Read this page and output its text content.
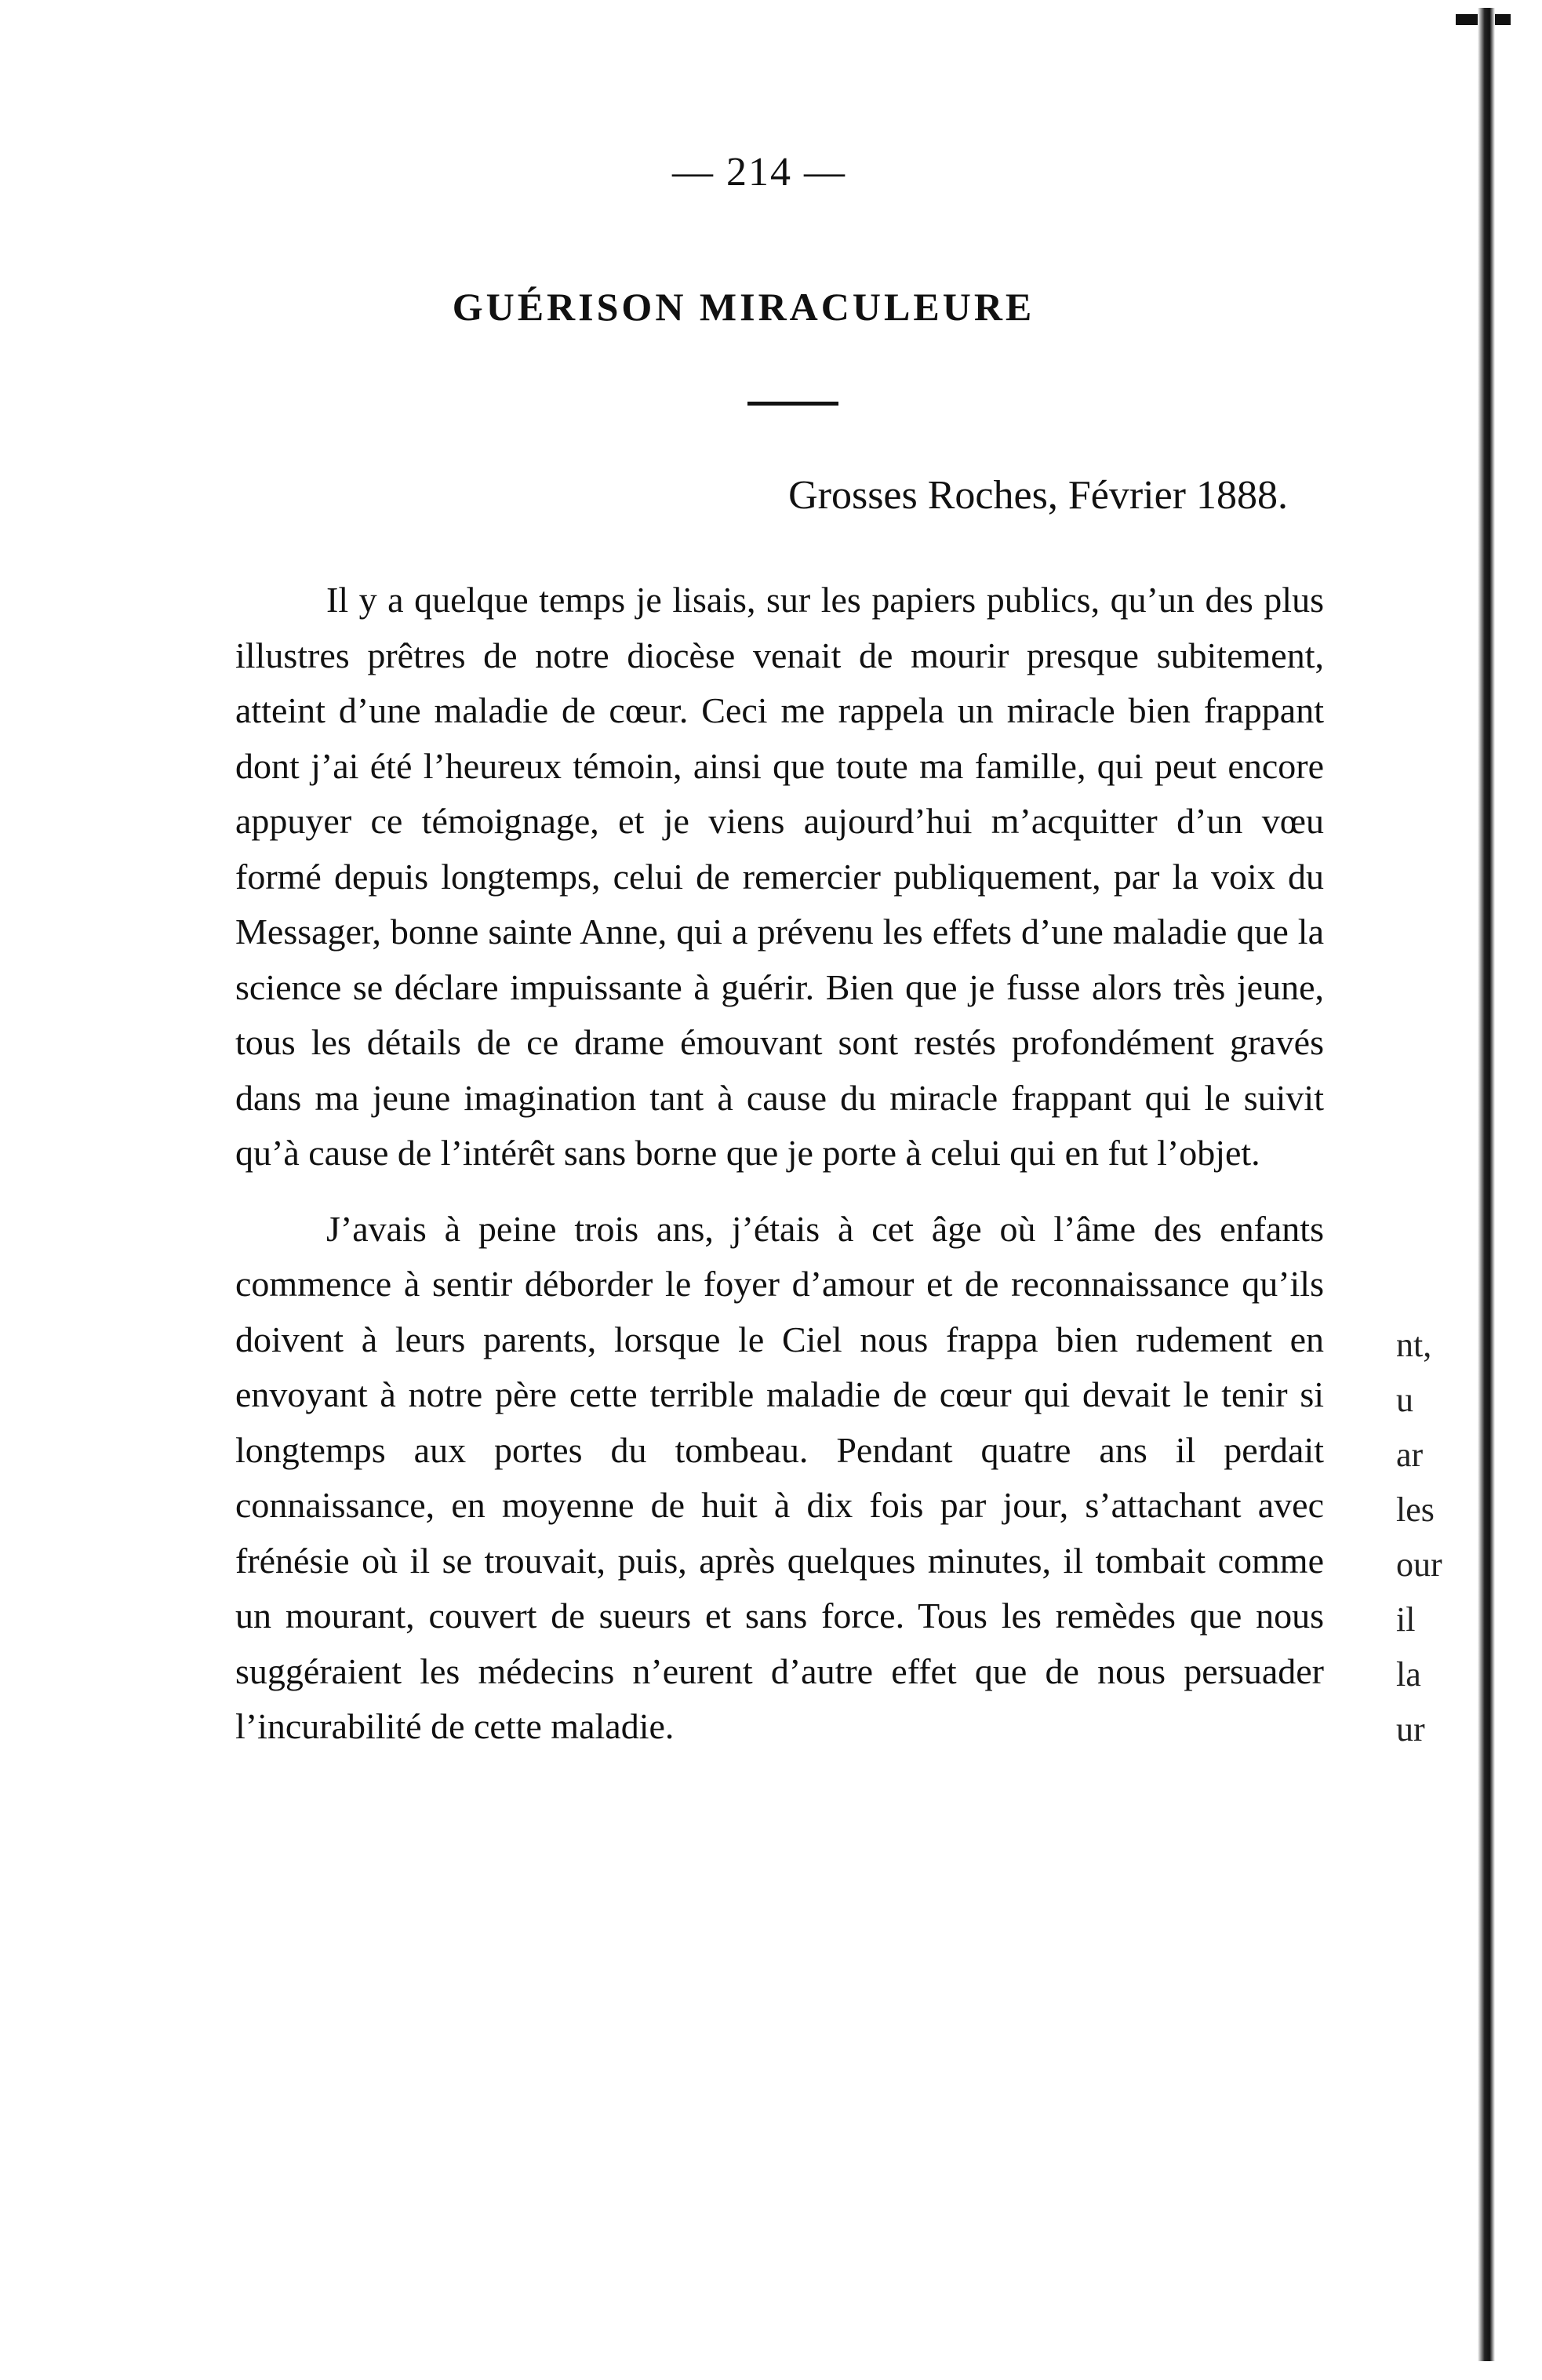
— 214 —
GUÉRISON MIRACULEURE
Grosses Roches, Février 1888.

Il y a quelque temps je lisais, sur les papiers publics, qu’un des plus illustres prêtres de notre diocèse venait de mourir presque subitement, atteint d’une maladie de cœur. Ceci me rappela un miracle bien frappant dont j’ai été l’heureux témoin, ainsi que toute ma famille, qui peut encore appuyer ce témoignage, et je viens aujourd’hui m’acquitter d’un vœu formé depuis longtemps, celui de remercier publiquement, par la voix du Messager, bonne sainte Anne, qui a prévenu les effets d’une maladie que la science se déclare impuissante à guérir. Bien que je fusse alors très jeune, tous les détails de ce drame émouvant sont restés profondément gravés dans ma jeune imagination tant à cause du miracle frappant qui le suivit qu’à cause de l’intérêt sans borne que je porte à celui qui en fut l’objet.

J’avais à peine trois ans, j’étais à cet âge où l’âme des enfants commence à sentir déborder le foyer d’amour et de reconnaissance qu’ils doivent à leurs parents, lorsque le Ciel nous frappa bien rudement en envoyant à notre père cette terrible maladie de cœur qui devait le tenir si longtemps aux portes du tombeau. Pendant quatre ans il perdait connaissance, en moyenne de huit à dix fois par jour, s’attachant avec frénésie où il se trouvait, puis, après quelques minutes, il tombait comme un mourant, couvert de sueurs et sans force. Tous les remèdes que nous suggéraient les médecins n’eurent d’autre effet que de nous persuader l’incurabilité de cette maladie.

nt,
u
ar
les
our
il
la
ur
